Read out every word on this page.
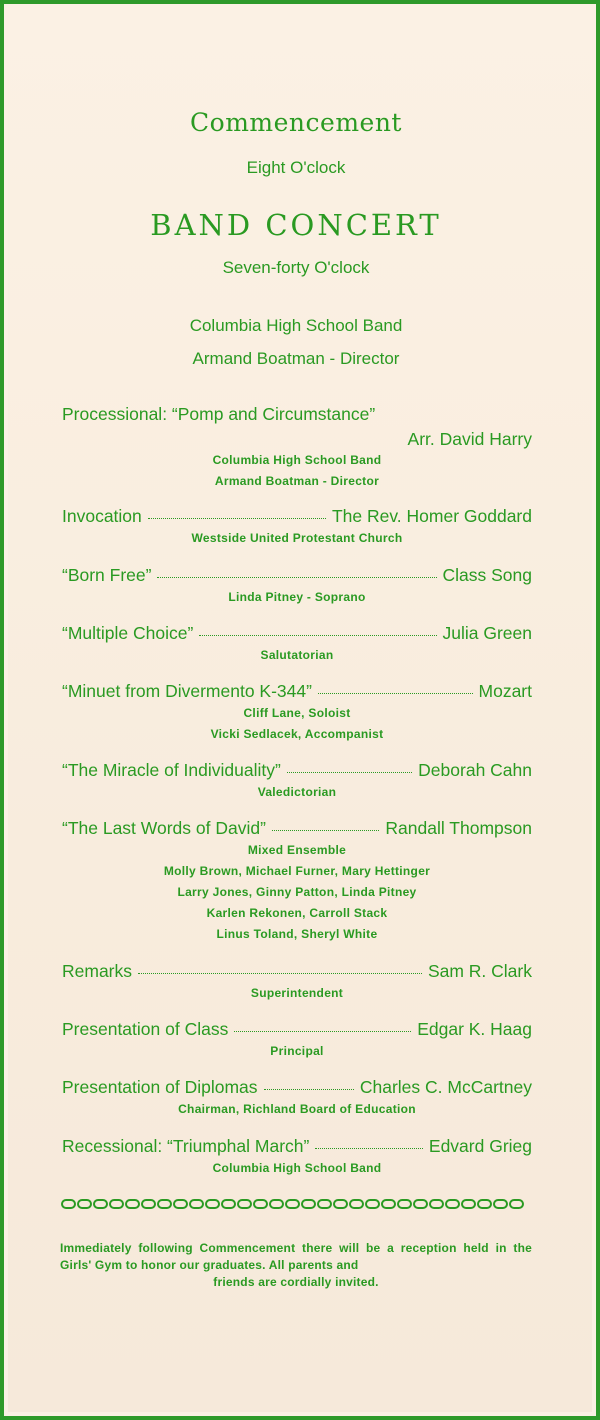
Commencement
Eight O'clock
BAND CONCERT
Seven-forty O'clock
Columbia High School Band
Armand Boatman - Director
Processional: “Pomp and Circumstance”
Arr. David Harry
Columbia High School Band
Armand Boatman - Director
Invocation	The Rev. Homer Goddard
Westside United Protestant Church
“Born Free”	Class Song
Linda Pitney - Soprano
“Multiple Choice”	Julia Green
Salutatorian
“Minuet from Divermento K-344”	Mozart
Cliff Lane, Soloist
Vicki Sedlacek, Accompanist
“The Miracle of Individuality”	Deborah Cahn
Valedictorian
“The Last Words of David”	Randall Thompson
Mixed Ensemble
Molly Brown, Michael Furner, Mary Hettinger
Larry Jones, Ginny Patton, Linda Pitney
Karlen Rekonen, Carroll Stack
Linus Toland, Sheryl White
Remarks	Sam R. Clark
Superintendent
Presentation of Class	Edgar K. Haag
Principal
Presentation of Diplomas	Charles C. McCartney
Chairman, Richland Board of Education
Recessional: “Triumphal March”	Edvard Grieg
Columbia High School Band
Immediately following Commencement there will be a reception held in the Girls' Gym to honor our graduates. All parents and
friends are cordially invited.
